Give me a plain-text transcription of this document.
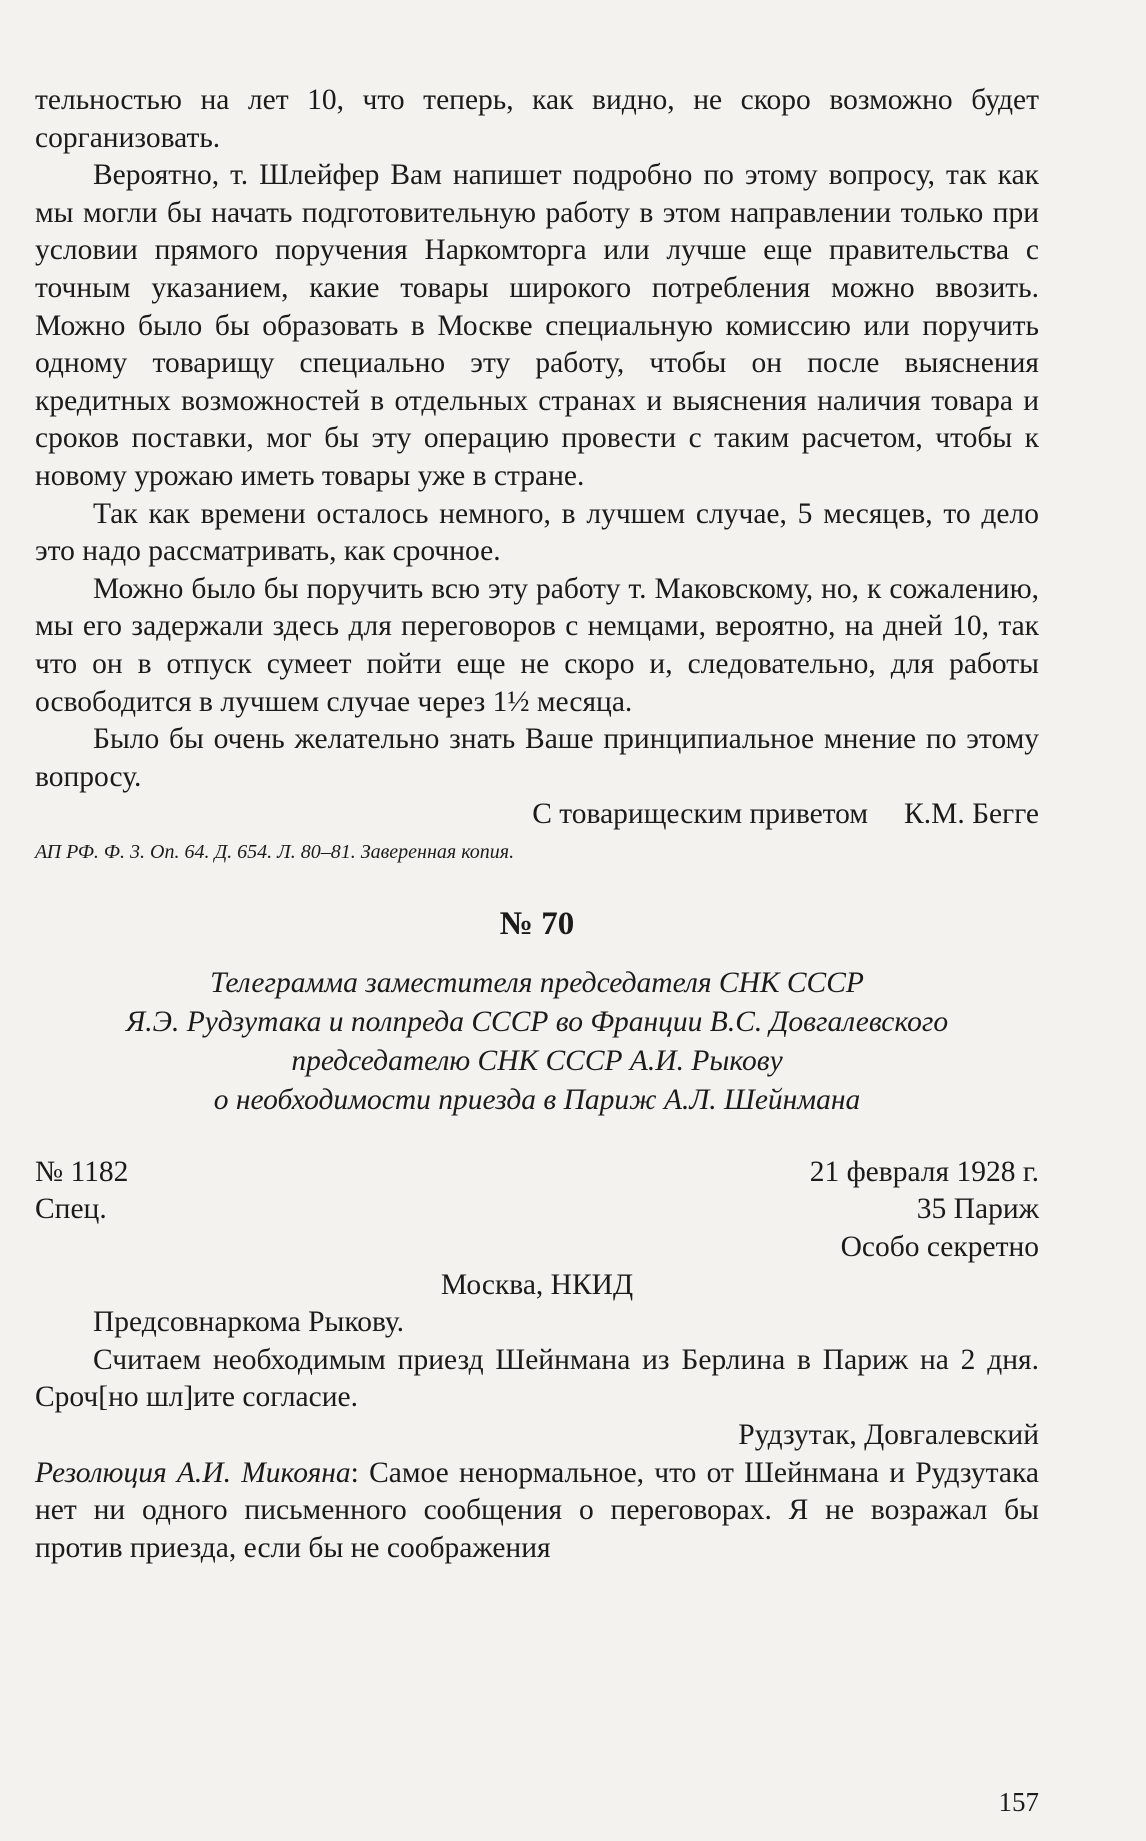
тельностью на лет 10, что теперь, как видно, не скоро возможно будет сорганизовать.

Вероятно, т. Шлейфер Вам напишет подробно по этому вопросу, так как мы могли бы начать подготовительную работу в этом направлении только при условии прямого поручения Наркомторга или лучше еще правительства с точным указанием, какие товары широкого потребления можно ввозить. Можно было бы образовать в Москве специальную комиссию или поручить одному товарищу специально эту работу, чтобы он после выяснения кредитных возможностей в отдельных странах и выяснения наличия товара и сроков поставки, мог бы эту операцию провести с таким расчетом, чтобы к новому урожаю иметь товары уже в стране.

Так как времени осталось немного, в лучшем случае, 5 месяцев, то дело это надо рассматривать, как срочное.

Можно было бы поручить всю эту работу т. Маковскому, но, к сожалению, мы его задержали здесь для переговоров с немцами, вероятно, на дней 10, так что он в отпуск сумеет пойти еще не скоро и, следовательно, для работы освободится в лучшем случае через 1½ месяца.

Было бы очень желательно знать Ваше принципиальное мнение по этому вопросу.

С товарищеским приветом К.М. Бегге
АП РФ. Ф. 3. Оп. 64. Д. 654. Л. 80–81. Заверенная копия.
№ 70
Телеграмма заместителя председателя СНК СССР
Я.Э. Рудзутака и полпреда СССР во Франции В.С. Довгалевского
председателю СНК СССР А.И. Рыкову
о необходимости приезда в Париж А.Л. Шейнмана
№ 1182	21 февраля 1928 г.
Спец.	35 Париж
Особо секретно
Москва, НКИД

Предсовнаркома Рыкову.

Считаем необходимым приезд Шейнмана из Берлина в Париж на 2 дня. Сроч[но шл]ите согласие.

Рудзутак, Довгалевский

Резолюция А.И. Микояна: Самое ненормальное, что от Шейнмана и Рудзутака нет ни одного письменного сообщения о переговорах. Я не возражал бы против приезда, если бы не соображения

157
